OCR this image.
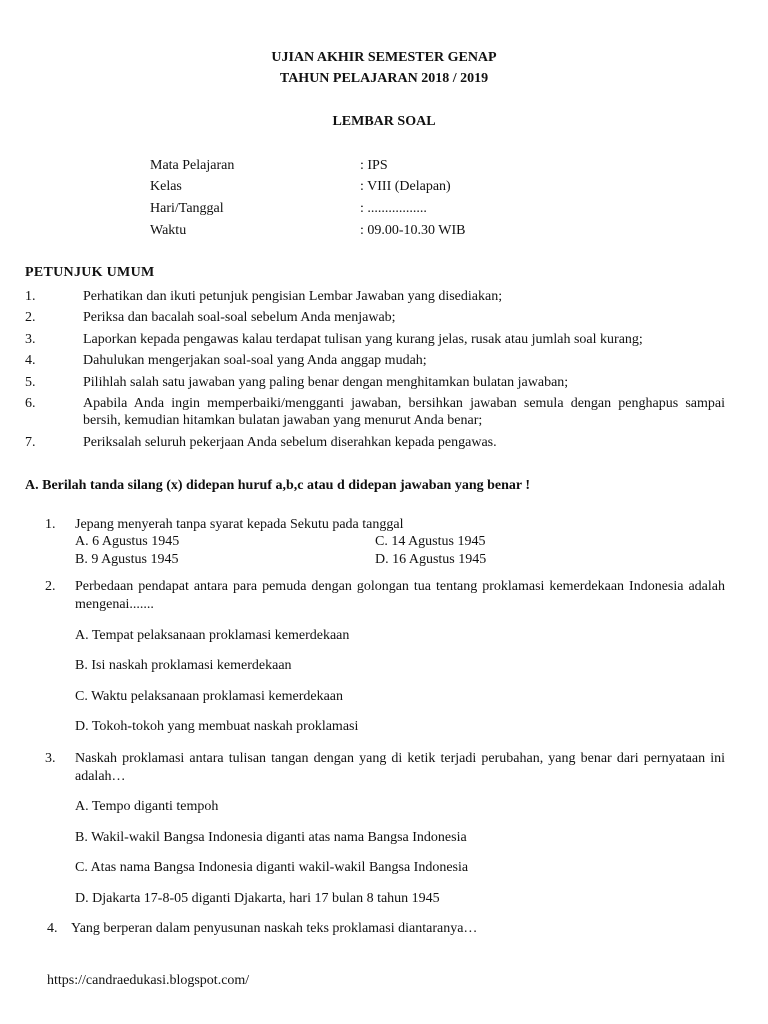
UJIAN AKHIR SEMESTER GENAP
TAHUN PELAJARAN 2018 / 2019
LEMBAR SOAL
Mata Pelajaran	: IPS
Kelas	: VIII (Delapan)
Hari/Tanggal	: .................
Waktu	: 09.00-10.30 WIB
PETUNJUK UMUM
1.	Perhatikan dan ikuti petunjuk pengisian Lembar Jawaban yang disediakan;
2.	Periksa dan bacalah soal-soal sebelum Anda menjawab;
3.	Laporkan kepada pengawas kalau terdapat tulisan yang kurang jelas, rusak atau jumlah soal kurang;
4.	Dahulukan mengerjakan soal-soal yang Anda anggap mudah;
5.	Pilihlah salah satu jawaban yang paling benar dengan menghitamkan bulatan jawaban;
6.	Apabila Anda ingin memperbaiki/mengganti jawaban, bersihkan jawaban semula dengan penghapus sampai bersih, kemudian hitamkan bulatan jawaban yang menurut Anda benar;
7.	Periksalah seluruh pekerjaan Anda sebelum diserahkan kepada pengawas.
A. Berilah tanda silang (x) didepan huruf a,b,c atau d didepan jawaban yang benar !
1. Jepang menyerah tanpa syarat kepada Sekutu pada tanggal
A. 6 Agustus 1945	C. 14 Agustus 1945
B. 9 Agustus 1945	D. 16 Agustus 1945
2. Perbedaan pendapat antara para pemuda dengan golongan tua tentang proklamasi kemerdekaan Indonesia adalah mengenai.......
A. Tempat pelaksanaan proklamasi kemerdekaan
B. Isi naskah proklamasi kemerdekaan
C. Waktu pelaksanaan proklamasi kemerdekaan
D. Tokoh-tokoh yang membuat naskah proklamasi
3. Naskah proklamasi antara tulisan tangan dengan yang di ketik terjadi perubahan, yang benar dari pernyataan ini adalah…
A. Tempo diganti tempoh
B. Wakil-wakil Bangsa Indonesia diganti atas nama Bangsa Indonesia
C. Atas nama Bangsa Indonesia diganti wakil-wakil Bangsa Indonesia
D. Djakarta 17-8-05 diganti Djakarta, hari 17 bulan 8 tahun 1945
4. Yang berperan dalam penyusunan naskah teks proklamasi diantaranya…
https://candraedukasi.blogspot.com/
